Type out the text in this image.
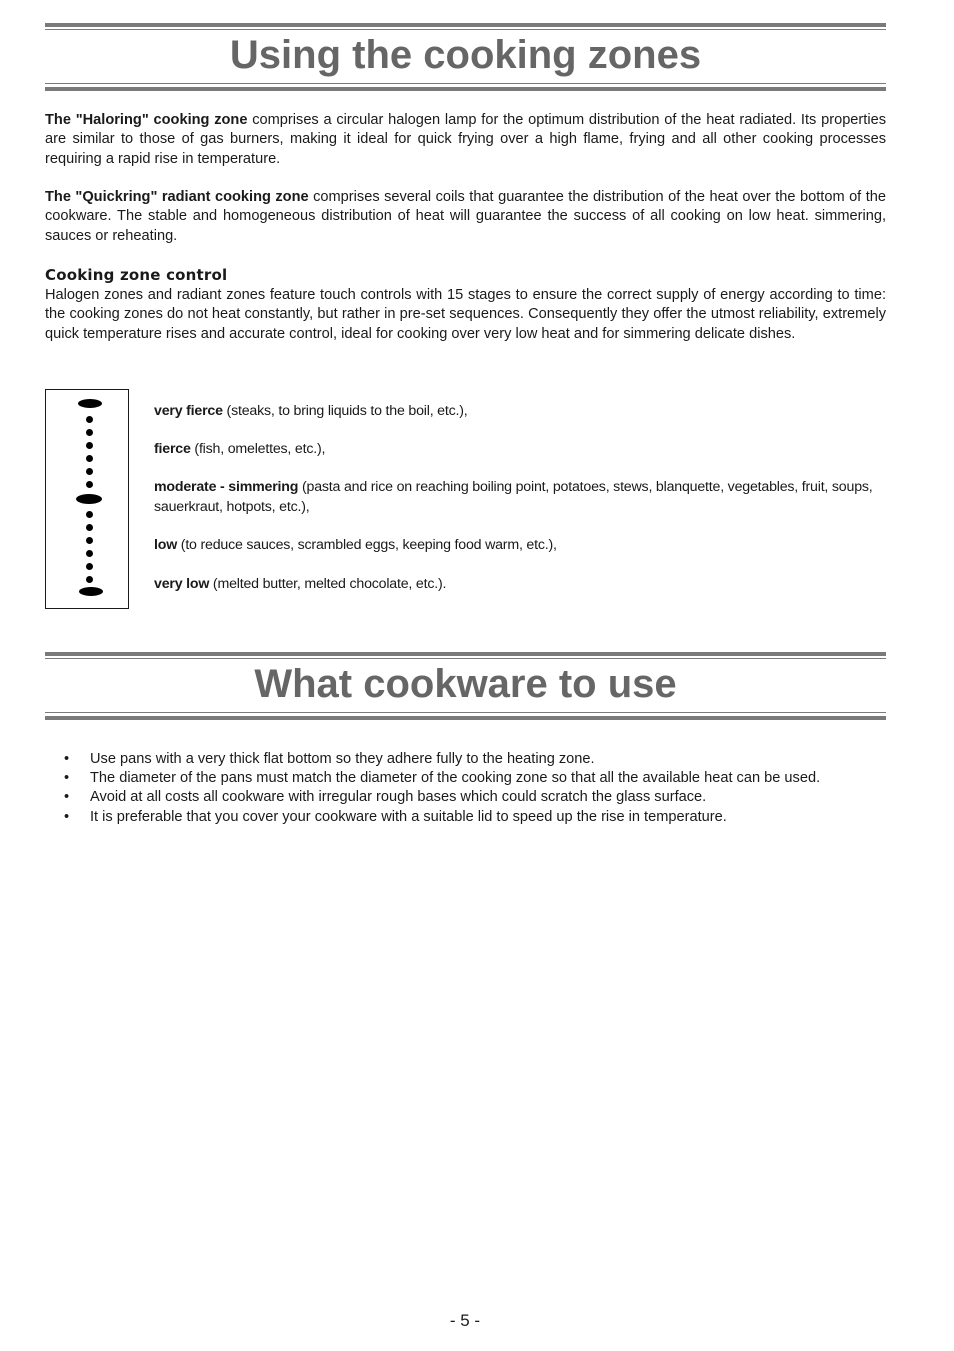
Using the cooking zones

The "Haloring" cooking zone comprises a circular halogen lamp for the optimum distribution of the heat radiated. Its properties are similar to those of gas burners, making it ideal for quick frying over a high flame, frying and all other cooking processes requiring a rapid rise in temperature.

The "Quickring" radiant cooking zone comprises several coils that guarantee the distribution of the heat over the bottom of the cookware. The stable and homogeneous distribution of heat will guarantee the success of all cooking on low heat. simmering, sauces or reheating.

Cooking zone control

Halogen zones and radiant zones feature touch controls with 15 stages to ensure the correct supply of energy according to time: the cooking zones do not heat constantly, but rather in pre-set sequences. Consequently they offer the utmost reliability, extremely quick temperature rises and accurate control, ideal for cooking over very low heat and for simmering delicate dishes.

very fierce (steaks, to bring liquids to the boil, etc.),
fierce (fish, omelettes, etc.),
moderate - simmering (pasta and rice on reaching boiling point, potatoes, stews, blanquette, vegetables, fruit, soups, sauerkraut, hotpots, etc.),
low (to reduce sauces, scrambled eggs, keeping food warm, etc.),
very low (melted butter, melted chocolate, etc.).
What cookware to use
• Use pans with a very thick flat bottom so they adhere fully to the heating zone.
• The diameter of the pans must match the diameter of the cooking zone so that all the available heat can be used.
• Avoid at all costs all cookware with irregular rough bases which could scratch the glass surface.
• It is preferable that you cover your cookware with a suitable lid to speed up the rise in temperature.
- 5 -
